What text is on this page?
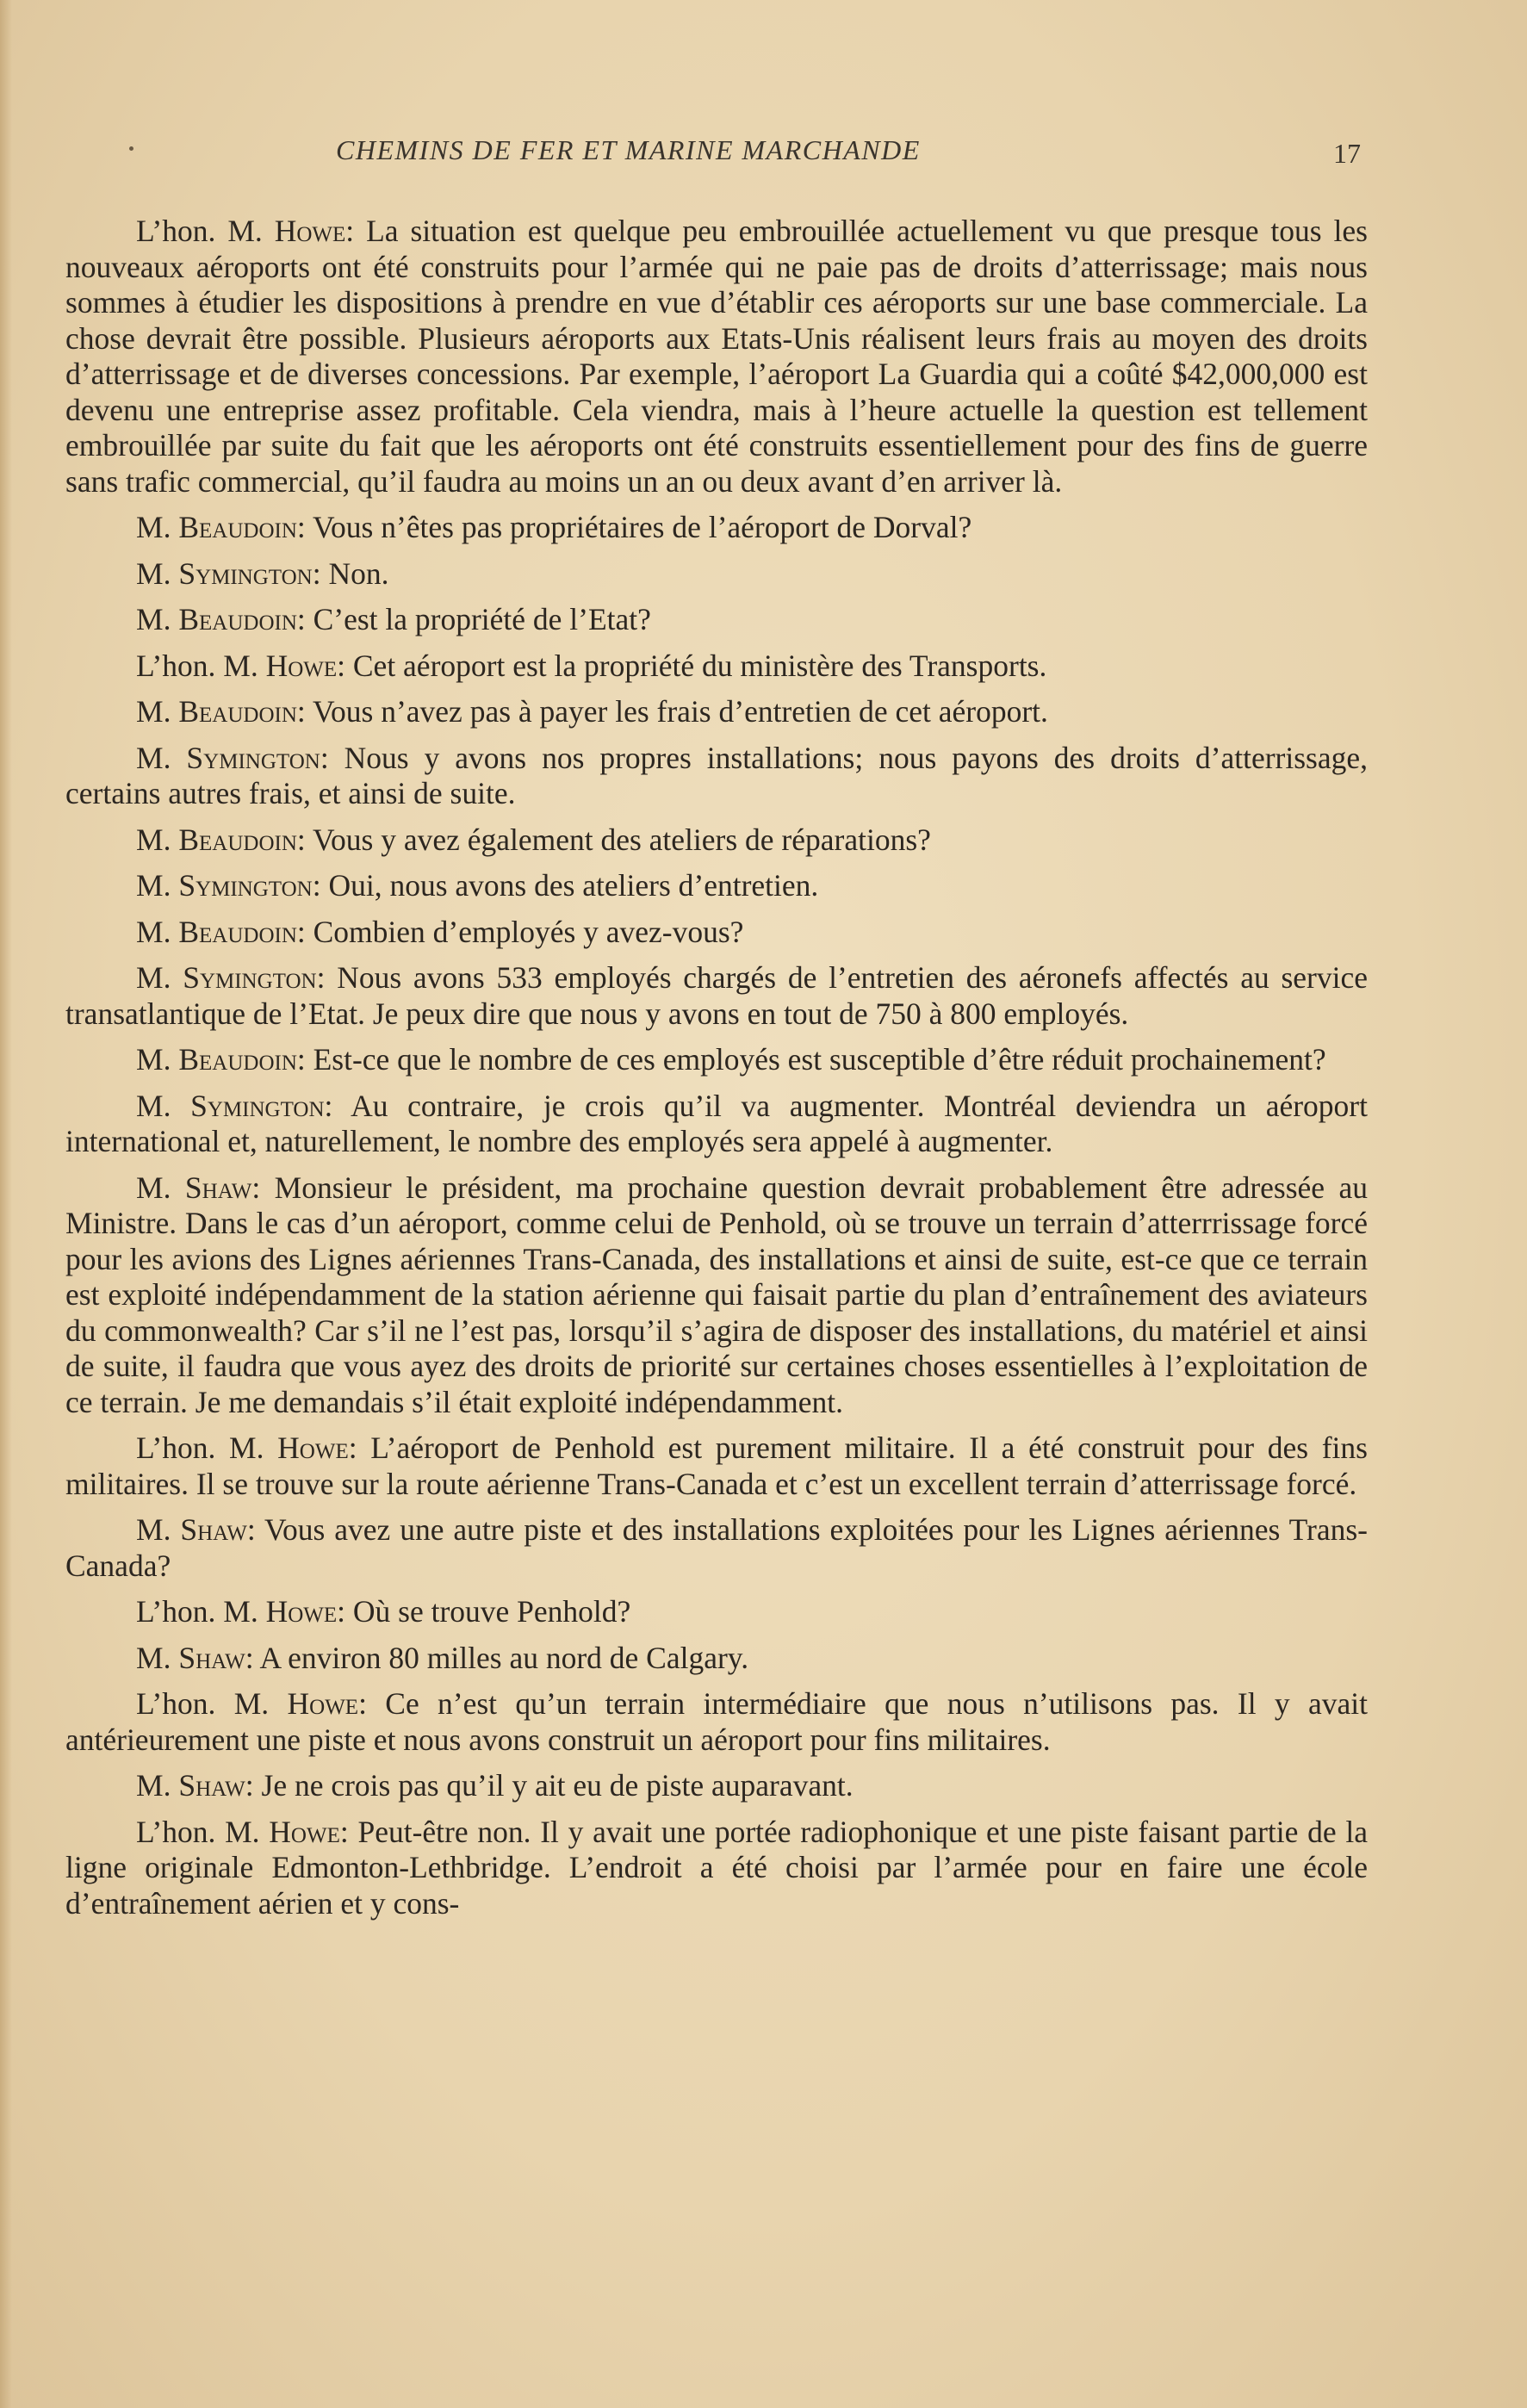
CHEMINS DE FER ET MARINE MARCHANDE	17

L’hon. M. Howe: La situation est quelque peu embrouillée actuellement vu que presque tous les nouveaux aéroports ont été construits pour l’armée qui ne paie pas de droits d’atterrissage; mais nous sommes à étudier les dispositions à prendre en vue d’établir ces aéroports sur une base commerciale. La chose devrait être possible. Plusieurs aéroports aux Etats-Unis réalisent leurs frais au moyen des droits d’atterrissage et de diverses concessions. Par exemple, l’aéroport La Guardia qui a coûté $42,000,000 est devenu une entreprise assez profitable. Cela viendra, mais à l’heure actuelle la question est tellement embrouillée par suite du fait que les aéroports ont été construits essentiellement pour des fins de guerre sans trafic commercial, qu’il faudra au moins un an ou deux avant d’en arriver là.

M. Beaudoin: Vous n’êtes pas propriétaires de l’aéroport de Dorval?

M. Symington: Non.

M. Beaudoin: C’est la propriété de l’Etat?

L’hon. M. Howe: Cet aéroport est la propriété du ministère des Transports.

M. Beaudoin: Vous n’avez pas à payer les frais d’entretien de cet aéroport.

M. Symington: Nous y avons nos propres installations; nous payons des droits d’atterrissage, certains autres frais, et ainsi de suite.

M. Beaudoin: Vous y avez également des ateliers de réparations?

M. Symington: Oui, nous avons des ateliers d’entretien.

M. Beaudoin: Combien d’employés y avez-vous?

M. Symington: Nous avons 533 employés chargés de l’entretien des aéronefs affectés au service transatlantique de l’Etat. Je peux dire que nous y avons en tout de 750 à 800 employés.

M. Beaudoin: Est-ce que le nombre de ces employés est susceptible d’être réduit prochainement?

M. Symington: Au contraire, je crois qu’il va augmenter. Montréal deviendra un aéroport international et, naturellement, le nombre des employés sera appelé à augmenter.

M. Shaw: Monsieur le président, ma prochaine question devrait probablement être adressée au Ministre. Dans le cas d’un aéroport, comme celui de Penhold, où se trouve un terrain d’atterrrissage forcé pour les avions des Lignes aériennes Trans-Canada, des installations et ainsi de suite, est-ce que ce terrain est exploité indépendamment de la station aérienne qui faisait partie du plan d’entraînement des aviateurs du commonwealth? Car s’il ne l’est pas, lorsqu’il s’agira de disposer des installations, du matériel et ainsi de suite, il faudra que vous ayez des droits de priorité sur certaines choses essentielles à l’exploitation de ce terrain. Je me demandais s’il était exploité indépendamment.

L’hon. M. Howe: L’aéroport de Penhold est purement militaire. Il a été construit pour des fins militaires. Il se trouve sur la route aérienne Trans-Canada et c’est un excellent terrain d’atterrissage forcé.

M. Shaw: Vous avez une autre piste et des installations exploitées pour les Lignes aériennes Trans-Canada?

L’hon. M. Howe: Où se trouve Penhold?

M. Shaw: A environ 80 milles au nord de Calgary.

L’hon. M. Howe: Ce n’est qu’un terrain intermédiaire que nous n’utilisons pas. Il y avait antérieurement une piste et nous avons construit un aéroport pour fins militaires.

M. Shaw: Je ne crois pas qu’il y ait eu de piste auparavant.

L’hon. M. Howe: Peut-être non. Il y avait une portée radiophonique et une piste faisant partie de la ligne originale Edmonton-Lethbridge. L’endroit a été choisi par l’armée pour en faire une école d’entraînement aérien et y cons-
